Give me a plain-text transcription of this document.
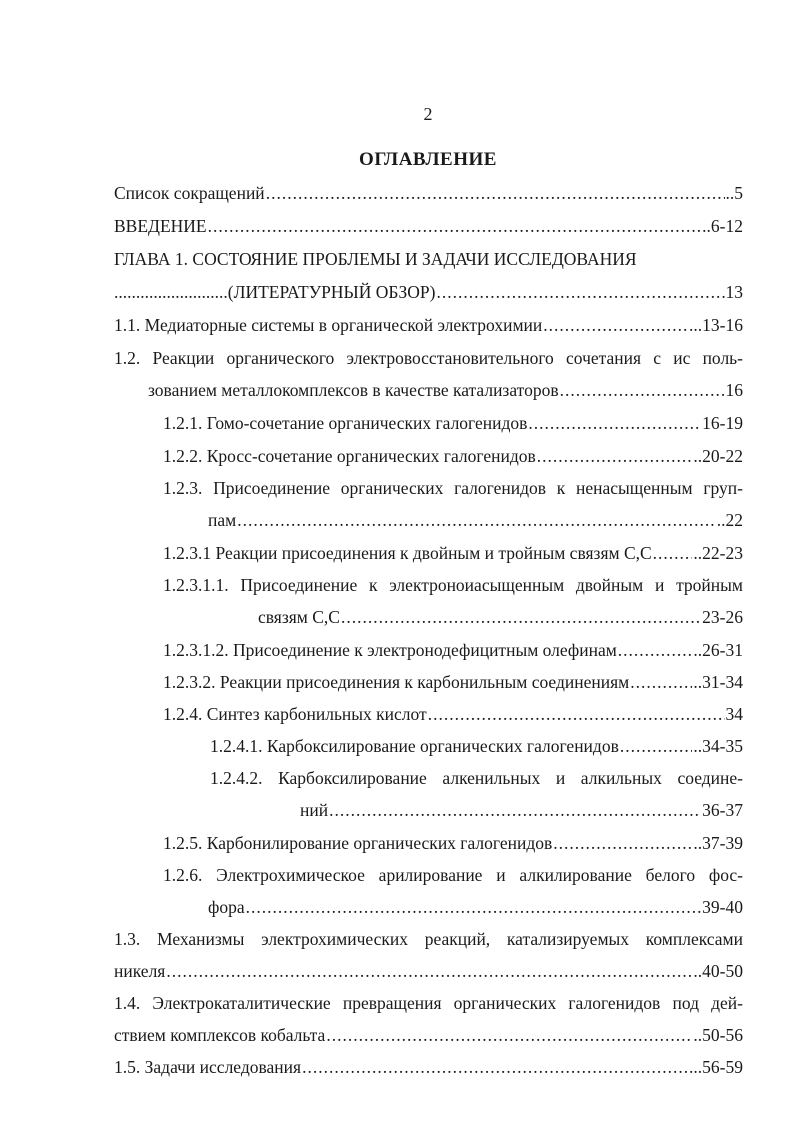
2
ОГЛАВЛЕНИЕ
Список сокращений .....	..5
ВВЕДЕНИЕ .....	..6-12
ГЛАВА 1. СОСТОЯНИЕ ПРОБЛЕМЫ И ЗАДАЧИ ИССЛЕДОВАНИЯ
........................ ..(ЛИТЕРАТУРНЫЙ ОБЗОР) .....	13
1.1. Медиаторные системы в органической электрохимии .....	...13-16
1.2. Реакции органического электровосстановительного сочетания с ис поль-
зованием металлокомплексов в качестве катализаторов .....	16
1.2.1. Гомо-сочетание органических галогенидов .....	16-19
1.2.2. Кросс-сочетание органических галогенидов .....	..20-22
1.2.3. Присоединение органических галогенидов к ненасыщенным груп-
пам .....	..22
1.2.3.1 Реакции присоединения к двойным и тройным связям С,С ..... ..22-23
1.2.3.1.1. Присоединение к электроноиасыщенным двойным и тройным
связям С,С .....	23-26
1.2.3.1.2. Присоединение к электронодефицитным олефинам .....	..26-31
1.2.3.2. Реакции присоединения к карбонильным соединениям .....	..31-34
1.2.4. Синтез карбонильных кислот .....	34
1.2.4.1. Карбоксилирование органических галогенидов .....	..34-35
1.2.4.2. Карбоксилирование алкенильных и алкильных соедине-
ний .....	36-37
1.2.5. Карбонилирование органических галогенидов .....	..37-39
1.2.6. Электрохимическое арилирование и алкилирование белого фос-
фора .....	39-40
1.3. Механизмы электрохимических реакций, катализируемых комплексами
никеля .....	..40-50
1.4. Электрокаталитические превращения органических галогенидов под дей-
ствием комплексов кобальта .....	..50-56
1.5. Задачи исследования .....	...56-59
